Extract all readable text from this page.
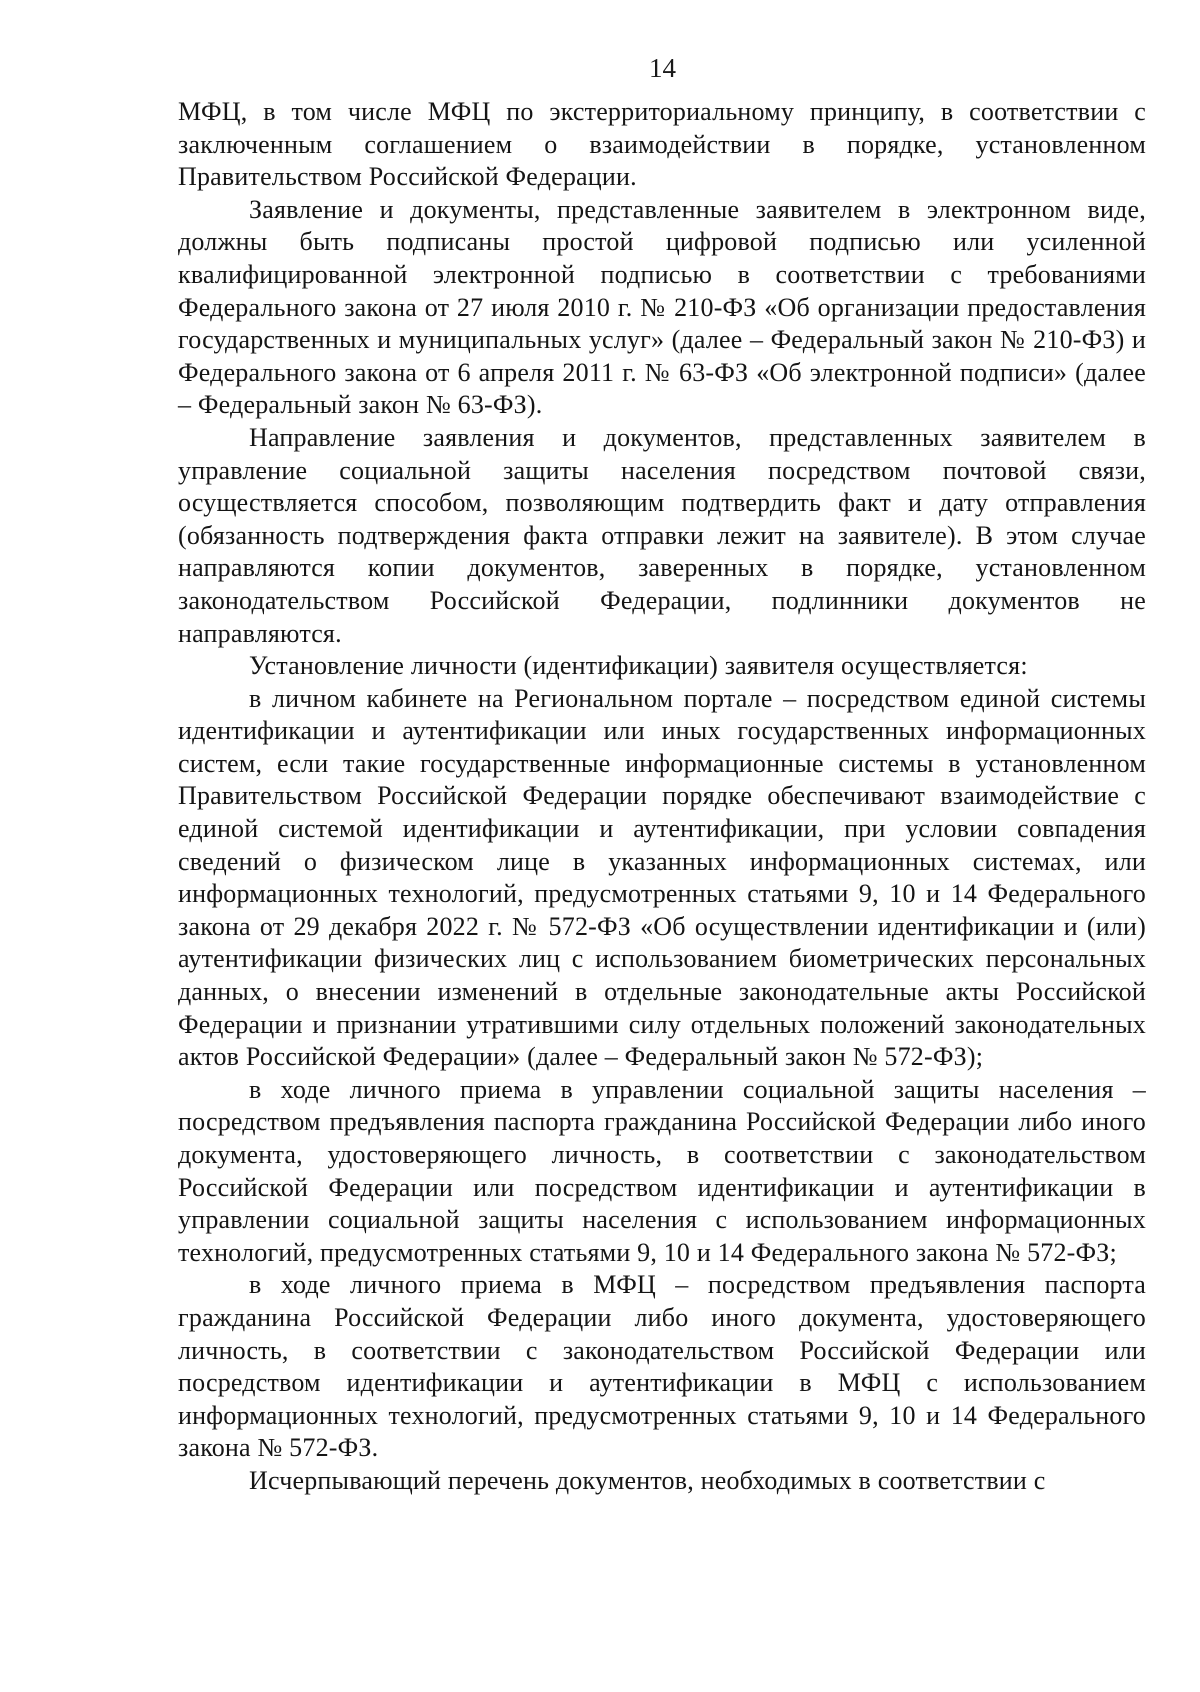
14

МФЦ, в том числе МФЦ по экстерриториальному принципу, в соответствии с заключенным соглашением о взаимодействии в порядке, установленном Правительством Российской Федерации.

Заявление и документы, представленные заявителем в электронном виде, должны быть подписаны простой цифровой подписью или усиленной квалифицированной электронной подписью в соответствии с требованиями Федерального закона от 27 июля 2010 г. № 210-ФЗ «Об организации предоставления государственных и муниципальных услуг» (далее – Федеральный закон № 210-ФЗ) и Федерального закона от 6 апреля 2011 г. № 63-ФЗ «Об электронной подписи» (далее – Федеральный закон № 63-ФЗ).

Направление заявления и документов, представленных заявителем в управление социальной защиты населения посредством почтовой связи, осуществляется способом, позволяющим подтвердить факт и дату отправления (обязанность подтверждения факта отправки лежит на заявителе). В этом случае направляются копии документов, заверенных в порядке, установленном законодательством Российской Федерации, подлинники документов не направляются.

Установление личности (идентификации) заявителя осуществляется:

в личном кабинете на Региональном портале – посредством единой системы идентификации и аутентификации или иных государственных информационных систем, если такие государственные информационные системы в установленном Правительством Российской Федерации порядке обеспечивают взаимодействие с единой системой идентификации и аутентификации, при условии совпадения сведений о физическом лице в указанных информационных системах, или информационных технологий, предусмотренных статьями 9, 10 и 14 Федерального закона от 29 декабря 2022 г. № 572-ФЗ «Об осуществлении идентификации и (или) аутентификации физических лиц с использованием биометрических персональных данных, о внесении изменений в отдельные законодательные акты Российской Федерации и признании утратившими силу отдельных положений законодательных актов Российской Федерации» (далее – Федеральный закон № 572-ФЗ);

в ходе личного приема в управлении социальной защиты населения – посредством предъявления паспорта гражданина Российской Федерации либо иного документа, удостоверяющего личность, в соответствии с законодательством Российской Федерации или посредством идентификации и аутентификации в управлении социальной защиты населения с использованием информационных технологий, предусмотренных статьями 9, 10 и 14 Федерального закона № 572-ФЗ;

в ходе личного приема в МФЦ – посредством предъявления паспорта гражданина Российской Федерации либо иного документа, удостоверяющего личность, в соответствии с законодательством Российской Федерации или посредством идентификации и аутентификации в МФЦ с использованием информационных технологий, предусмотренных статьями 9, 10 и 14 Федерального закона № 572-ФЗ.

Исчерпывающий перечень документов, необходимых в соответствии с
